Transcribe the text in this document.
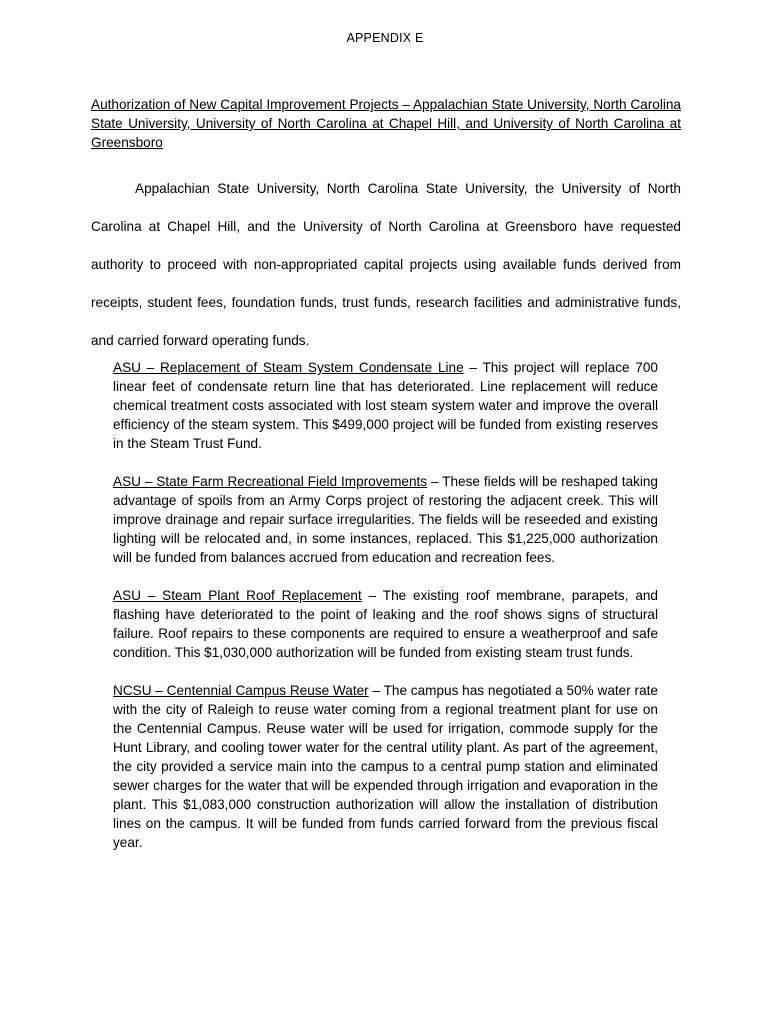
APPENDIX E
Authorization of New Capital Improvement Projects – Appalachian State University, North Carolina State University, University of North Carolina at Chapel Hill, and University of North Carolina at Greensboro

Appalachian State University, North Carolina State University, the University of North Carolina at Chapel Hill, and the University of North Carolina at Greensboro have requested authority to proceed with non-appropriated capital projects using available funds derived from receipts, student fees, foundation funds, trust funds, research facilities and administrative funds, and carried forward operating funds.

ASU – Replacement of Steam System Condensate Line – This project will replace 700 linear feet of condensate return line that has deteriorated. Line replacement will reduce chemical treatment costs associated with lost steam system water and improve the overall efficiency of the steam system. This $499,000 project will be funded from existing reserves in the Steam Trust Fund.

ASU – State Farm Recreational Field Improvements – These fields will be reshaped taking advantage of spoils from an Army Corps project of restoring the adjacent creek. This will improve drainage and repair surface irregularities. The fields will be reseeded and existing lighting will be relocated and, in some instances, replaced. This $1,225,000 authorization will be funded from balances accrued from education and recreation fees.

ASU – Steam Plant Roof Replacement – The existing roof membrane, parapets, and flashing have deteriorated to the point of leaking and the roof shows signs of structural failure. Roof repairs to these components are required to ensure a weatherproof and safe condition. This $1,030,000 authorization will be funded from existing steam trust funds.

NCSU – Centennial Campus Reuse Water – The campus has negotiated a 50% water rate with the city of Raleigh to reuse water coming from a regional treatment plant for use on the Centennial Campus. Reuse water will be used for irrigation, commode supply for the Hunt Library, and cooling tower water for the central utility plant. As part of the agreement, the city provided a service main into the campus to a central pump station and eliminated sewer charges for the water that will be expended through irrigation and evaporation in the plant. This $1,083,000 construction authorization will allow the installation of distribution lines on the campus. It will be funded from funds carried forward from the previous fiscal year.
